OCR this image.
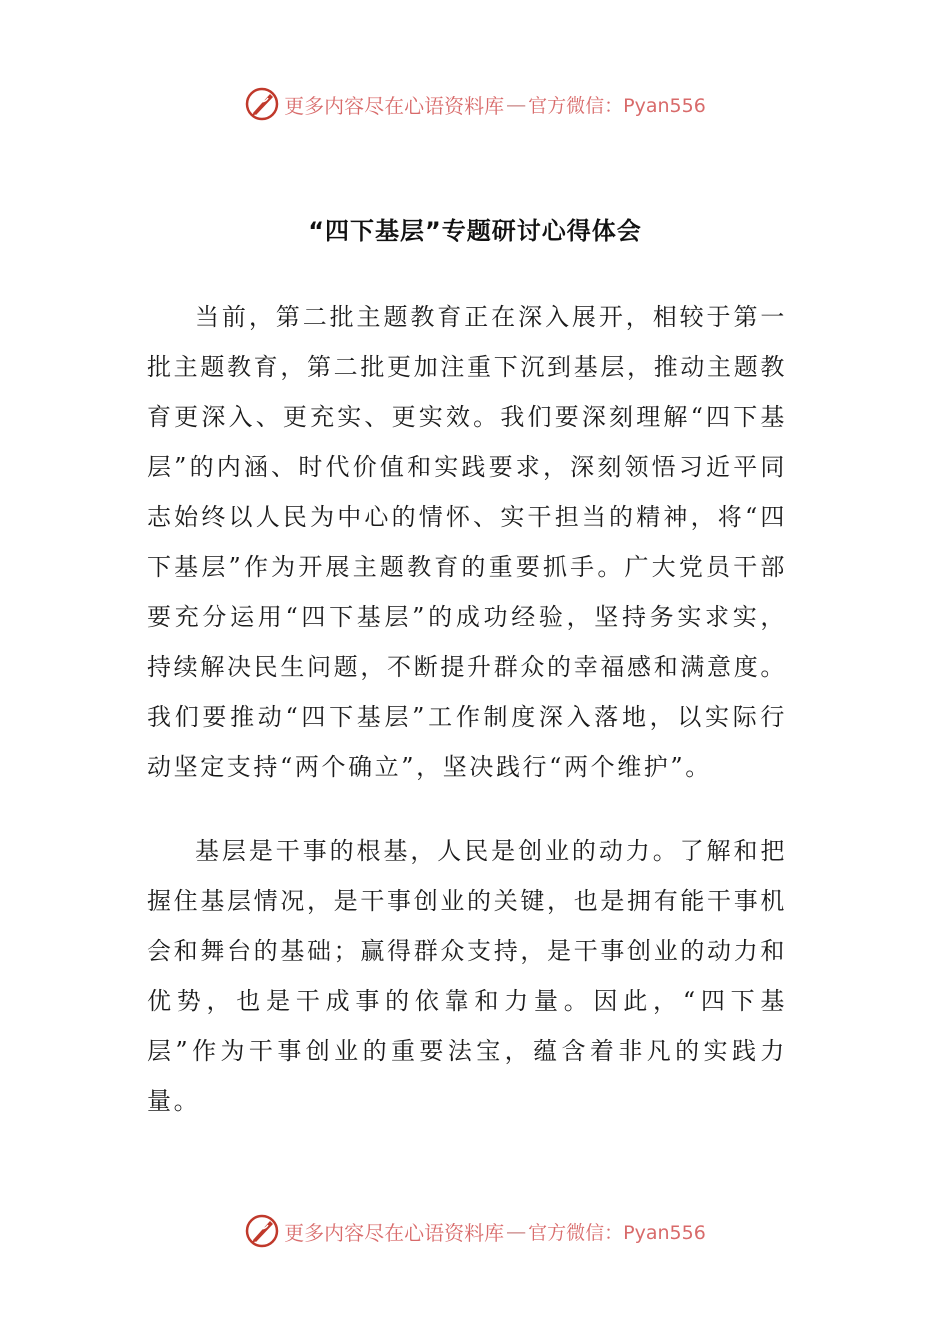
更多内容尽在心语资料库 — 官方微信：Pyan556
“四下基层”专题研讨心得体会

当前，第二批主题教育正在深入展开，相较于第一批主题教育，第二批更加注重下沉到基层，推动主题教育更深入、更充实、更实效。我们要深刻理解“四下基层”的内涵、时代价值和实践要求，深刻领悟习近平同志始终以人民为中心的情怀、实干担当的精神，将“四下基层”作为开展主题教育的重要抓手。广大党员干部要充分运用“四下基层”的成功经验，坚持务实求实，持续解决民生问题，不断提升群众的幸福感和满意度。我们要推动“四下基层”工作制度深入落地，以实际行动坚定支持“两个确立”，坚决践行“两个维护”。

基层是干事的根基，人民是创业的动力。了解和把握住基层情况，是干事创业的关键，也是拥有能干事机会和舞台的基础；赢得群众支持，是干事创业的动力和优势，也是干成事的依靠和力量。因此，“四下基层”作为干事创业的重要法宝，蕴含着非凡的实践力量。

更多内容尽在心语资料库 — 官方微信：Pyan556
